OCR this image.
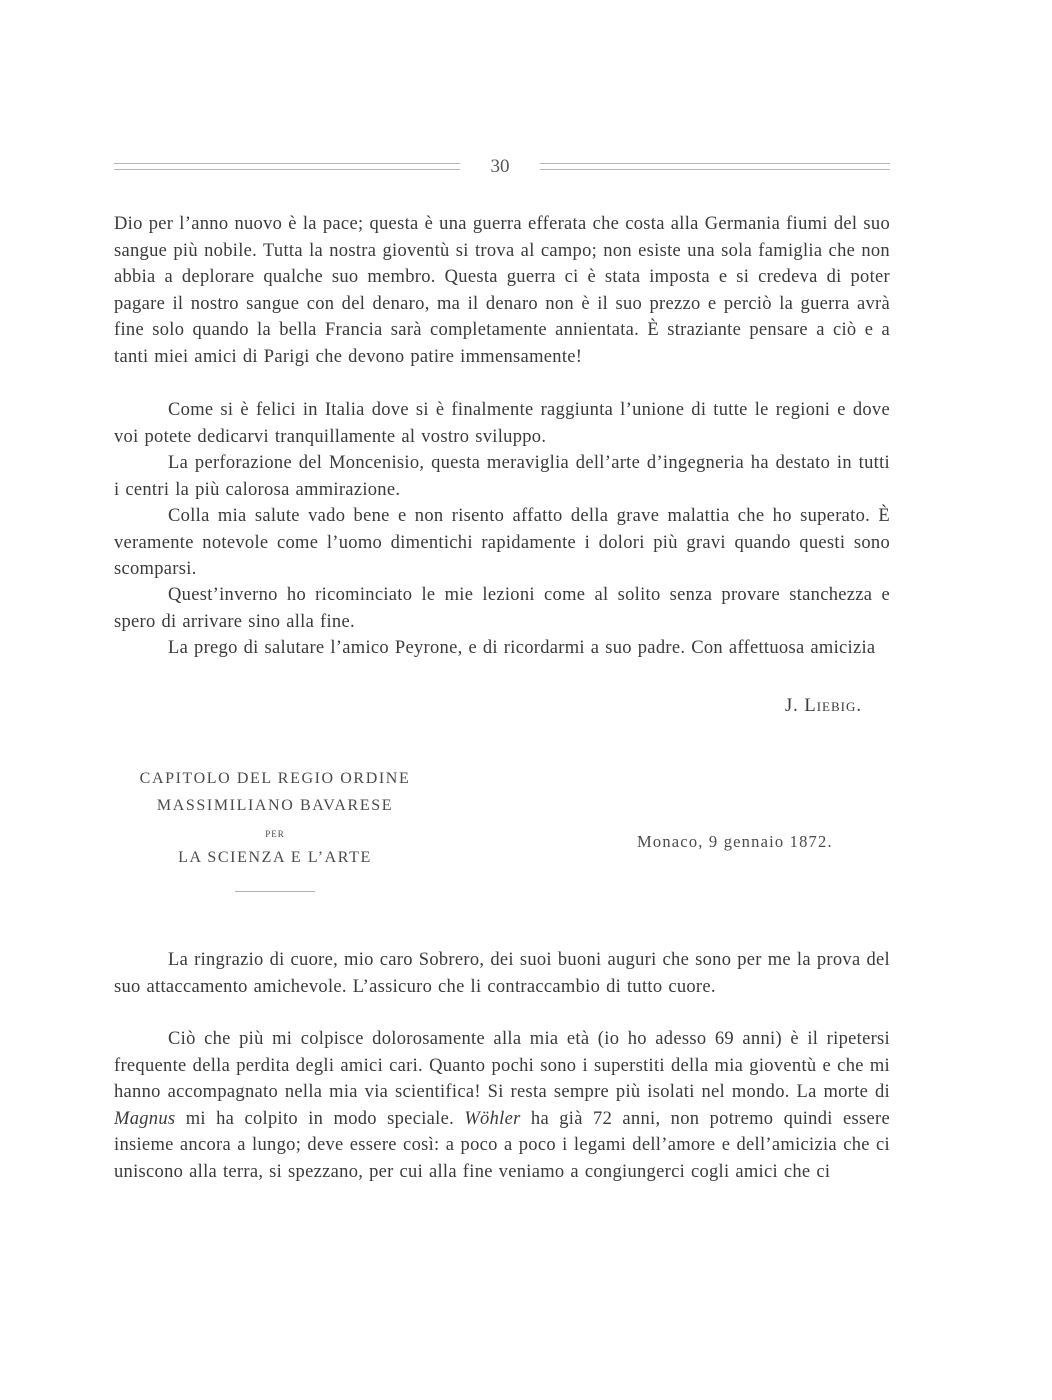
30

Dio per l’anno nuovo è la pace; questa è una guerra efferata che costa alla Germania fiumi del suo sangue più nobile. Tutta la nostra gioventù si trova al campo; non esiste una sola famiglia che non abbia a deplorare qualche suo membro. Questa guerra ci è stata imposta e si credeva di poter pagare il nostro sangue con del denaro, ma il denaro non è il suo prezzo e perciò la guerra avrà fine solo quando la bella Francia sarà completamente annientata. È straziante pensare a ciò e a tanti miei amici di Parigi che devono patire immensamente!

Come si è felici in Italia dove si è finalmente raggiunta l’unione di tutte le regioni e dove voi potete dedicarvi tranquillamente al vostro sviluppo.

La perforazione del Moncenisio, questa meraviglia dell’arte d’ingegneria ha destato in tutti i centri la più calorosa ammirazione.

Colla mia salute vado bene e non risento affatto della grave malattia che ho superato. È veramente notevole come l’uomo dimentichi rapidamente i dolori più gravi quando questi sono scomparsi.

Quest’inverno ho ricominciato le mie lezioni come al solito senza provare stanchezza e spero di arrivare sino alla fine.

La prego di salutare l’amico Peyrone, e di ricordarmi a suo padre. Con affettuosa amicizia

J. Liebig.
CAPITOLO DEL REGIO ORDINE
MASSIMILIANO BAVARESE
PER
LA SCIENZA E L’ARTE
Monaco, 9 gennaio 1872.

La ringrazio di cuore, mio caro Sobrero, dei suoi buoni auguri che sono per me la prova del suo attaccamento amichevole. L’assicuro che li contraccambio di tutto cuore.

Ciò che più mi colpisce dolorosamente alla mia età (io ho adesso 69 anni) è il ripetersi frequente della perdita degli amici cari. Quanto pochi sono i superstiti della mia gioventù e che mi hanno accompagnato nella mia via scientifica! Si resta sempre più isolati nel mondo. La morte di Magnus mi ha colpito in modo speciale. Wöhler ha già 72 anni, non potremo quindi essere insieme ancora a lungo; deve essere così: a poco a poco i legami dell’amore e dell’amicizia che ci uniscono alla terra, si spezzano, per cui alla fine veniamo a congiungerci cogli amici che ci
